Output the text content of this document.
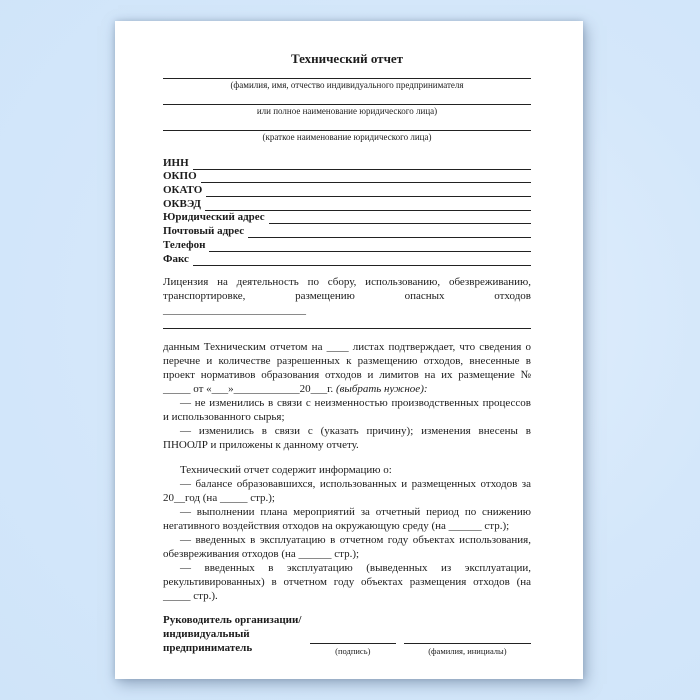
Технический отчет
(фамилия, имя, отчество индивидуального предпринимателя
или полное наименование юридического лица)
(краткое наименование юридического лица)
ИНН
ОКПО
ОКАТО
ОКВЭД
Юридический адрес
Почтовый адрес
Телефон
Факс

Лицензия на деятельность по сбору, использованию, обезвреживанию, транспортировке, размещению опасных отходов __________________________

данным Техническим отчетом на ____ листах подтверждает, что сведения о перечне и количестве разрешенных к размещению отходов, внесенные в проект нормативов образования отходов и лимитов на их размещение № _____ от «___»____________20___г. (выбрать нужное):

— не изменились в связи с неизменностью производственных процессов и использованного сырья;

— изменились в связи с (указать причину); изменения внесены в ПНООЛР и приложены к данному отчету.

Технический отчет содержит информацию о:

— балансе образовавшихся, использованных и размещенных отходов за 20__год (на _____ стр.);

— выполнении плана мероприятий за отчетный период по снижению негативного воздействия отходов на окружающую среду (на ______ стр.);

— введенных в эксплуатацию в отчетном году объектах использования, обезвреживания отходов (на ______ стр.);

— введенных в эксплуатацию (выведенных из эксплуатации, рекультивированных) в отчетном году объектах размещения отходов (на _____ стр.).

Руководитель организации/
индивидуальный
предприниматель	(подпись)	(фамилия, инициалы)
